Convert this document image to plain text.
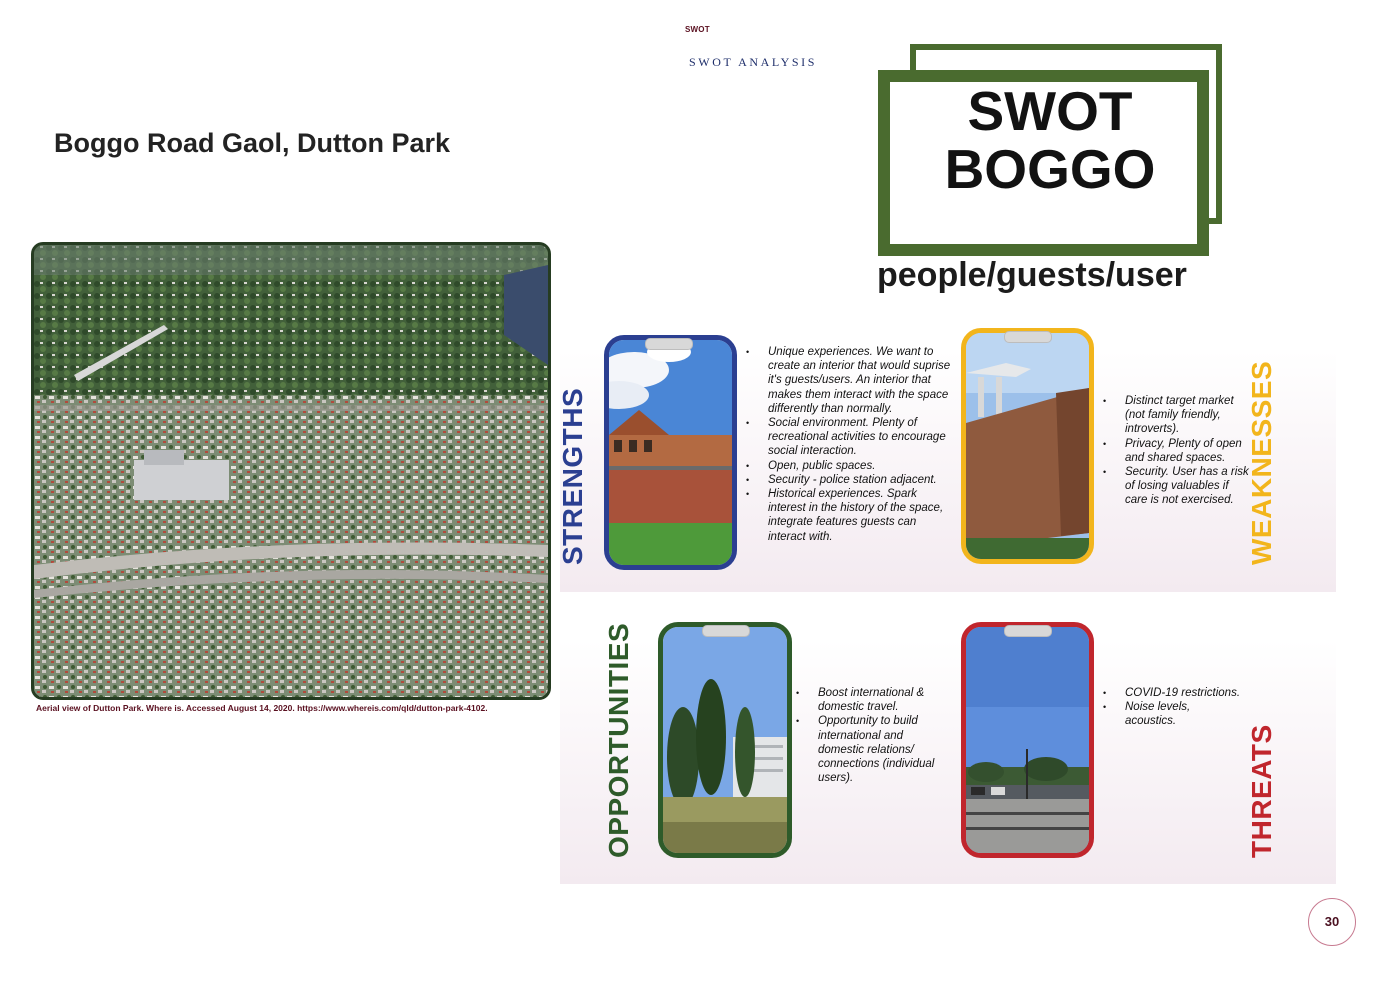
SWOT
SWOT ANALYSIS
Boggo Road Gaol, Dutton Park
Aerial view of Dutton Park. Where is. Accessed August 14, 2020. https://www.whereis.com/qld/dutton-park-4102.
SWOT
BOGGO
people/guests/user
STRENGTHS
• Unique experiences. We want to create an interior that would suprise it's guests/users. An interior that makes them interact with the space differently than normally.
• Social environment. Plenty of recreational activities to encourage social interaction.
• Open, public spaces.
• Security - police station adjacent.
• Historical experiences. Spark interest in the history of the space, integrate features guests can interact with.
• Distinct target market (not family friendly, introverts).
• Privacy, Plenty of open and shared spaces.
• Security. User has a risk of losing valuables if care is not exercised. WEAKNESSES
OPPORTUNITIES
•	Boost international & domestic travel.
• Opportunity to build international and domestic relations/ connections (individual users).
• COVID-19 restrictions.
• Noise levels, acoustics.
THREATS
30
